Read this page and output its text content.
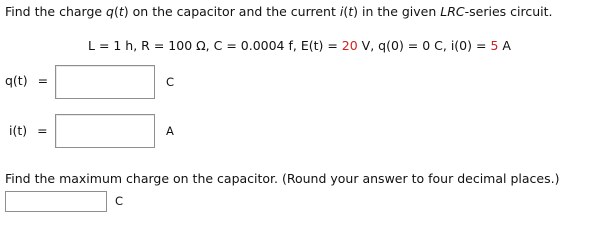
Find the charge q(t) on the capacitor and the current i(t) in the given LRC-series circuit.
L = 1 h, R = 100 Ω, C = 0.0004 f, E(t) = 20 V, q(0) = 0 C, i(0) = 5 A
q(t) =	C
i(t) =	A
Find the maximum charge on the capacitor. (Round your answer to four decimal places.)
C
